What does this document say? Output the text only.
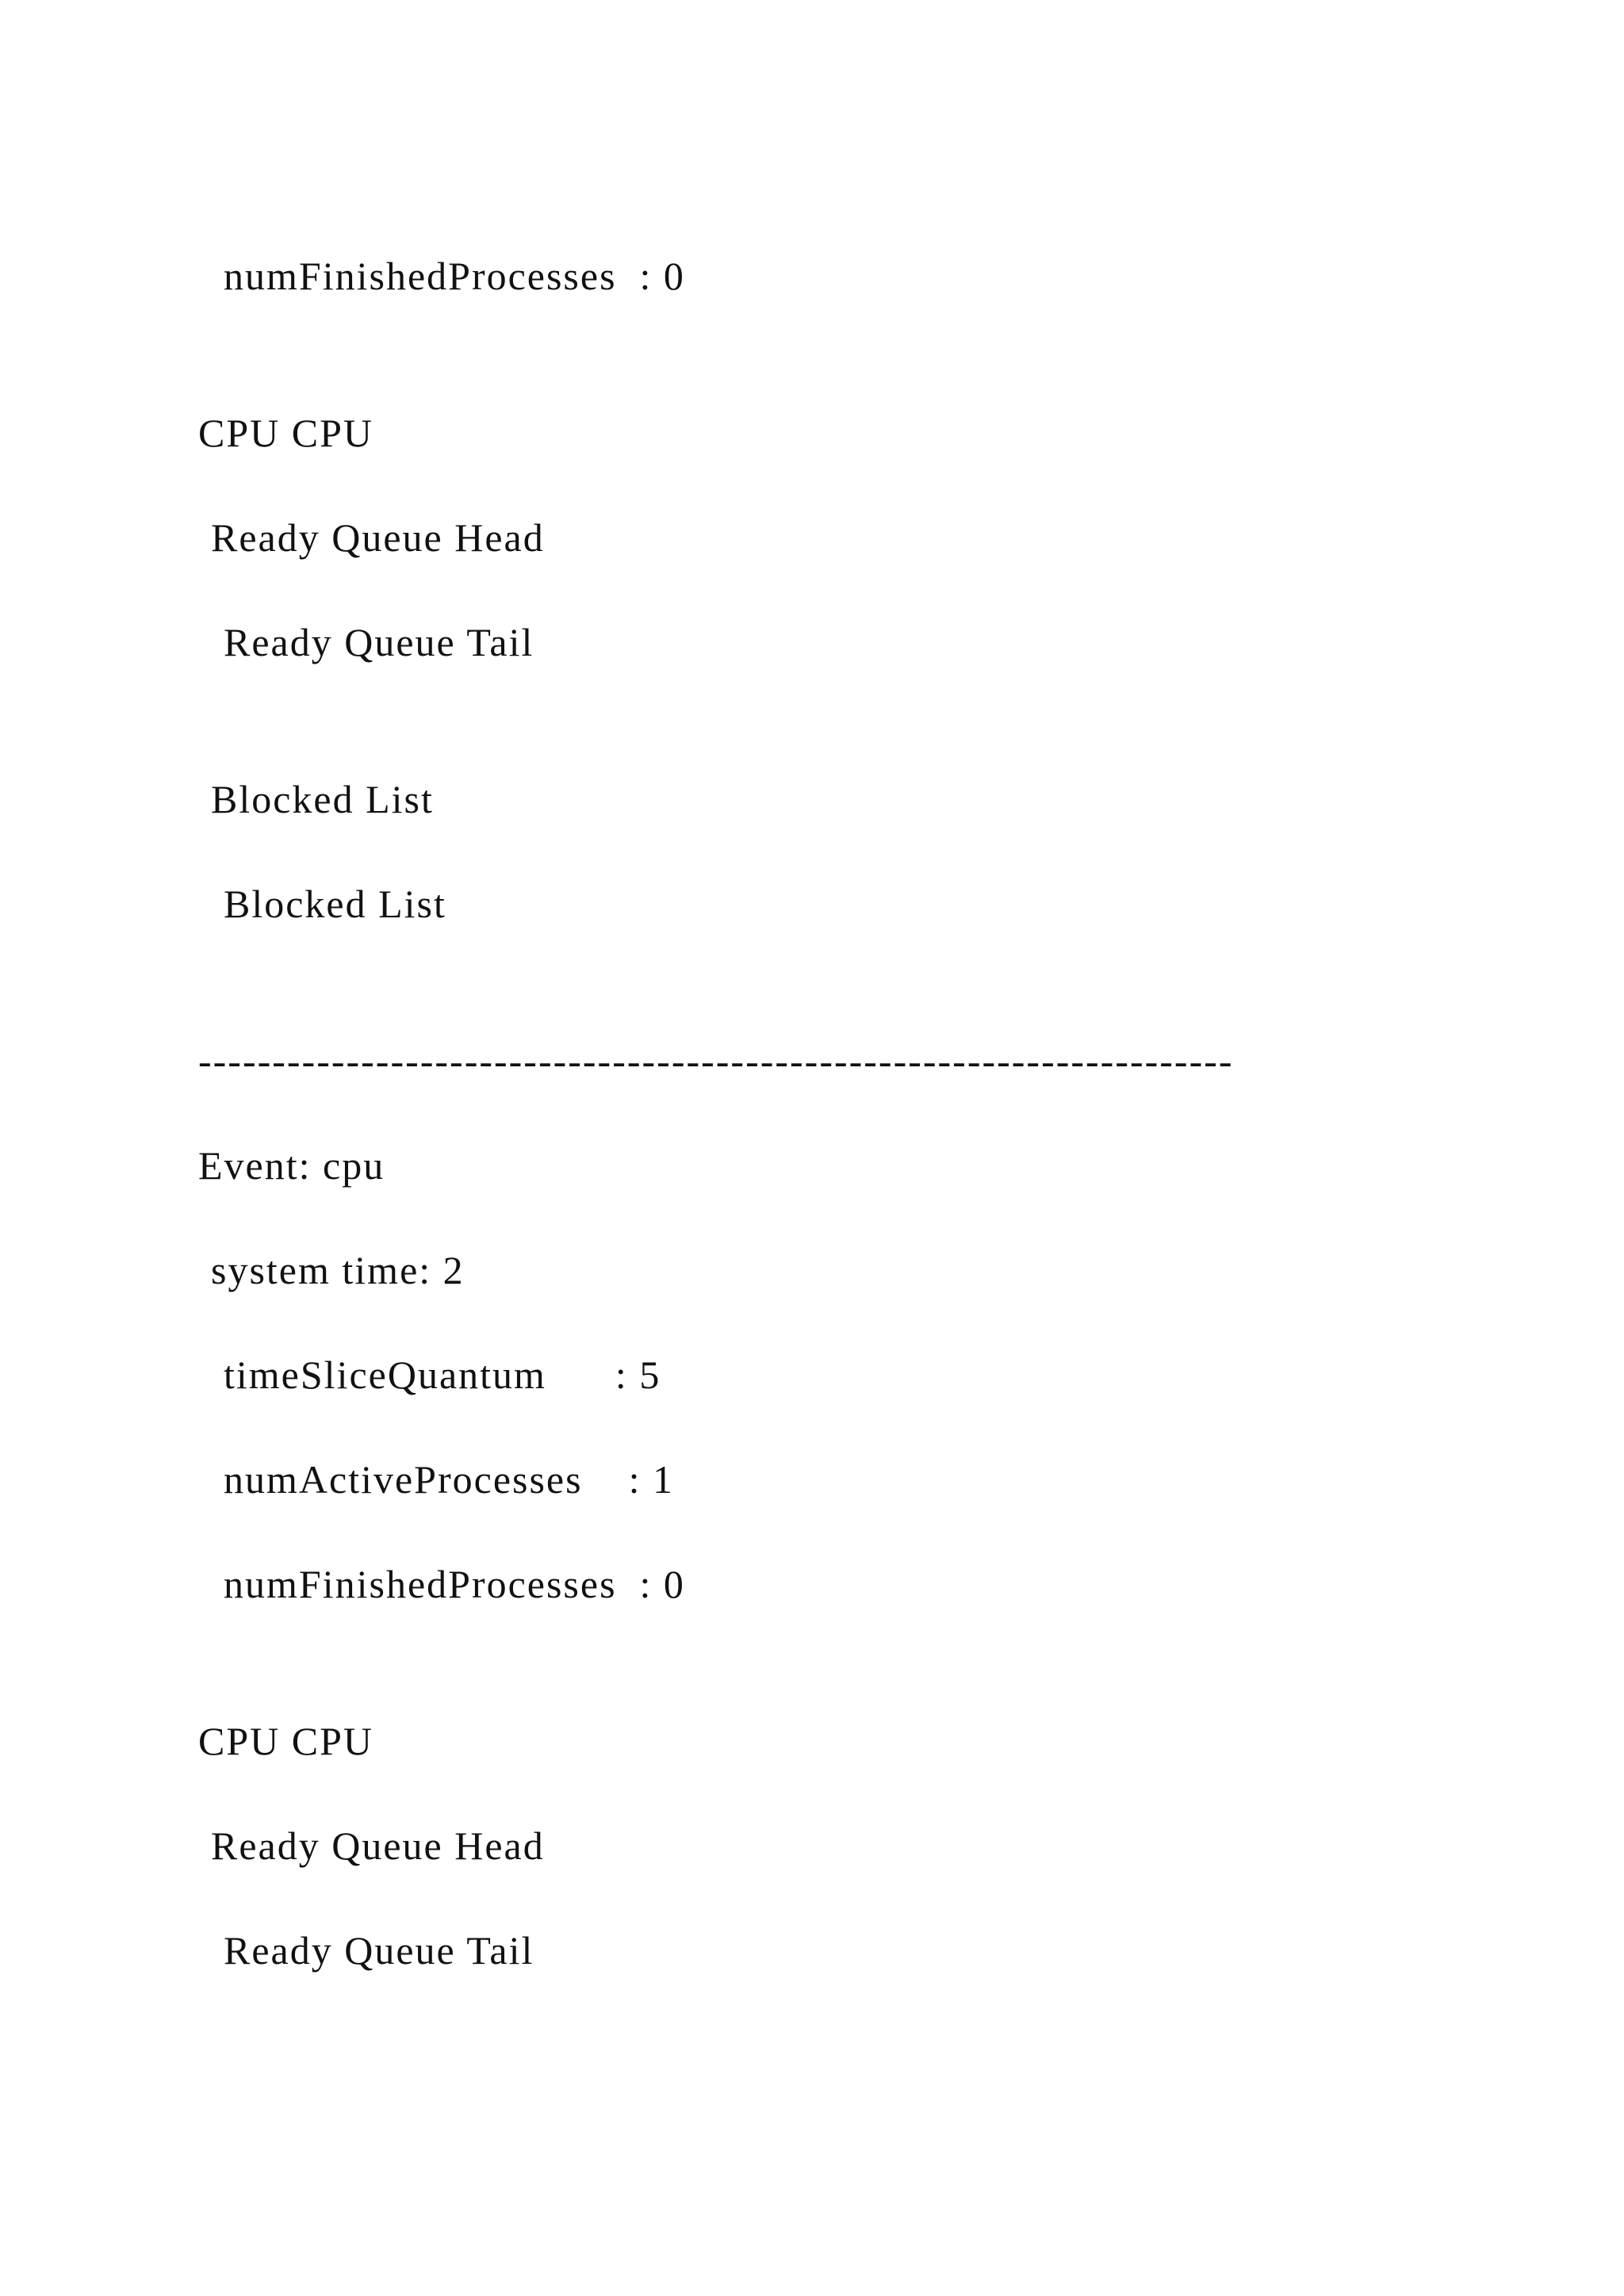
numFinishedProcesses  : 0
CPU CPU
Ready Queue Head
Ready Queue Tail
Blocked List
Blocked List
----------------------------------------------------------------------
Event: cpu
system time: 2
timeSliceQuantum      : 5
numActiveProcesses    : 1
numFinishedProcesses  : 0
CPU CPU
Ready Queue Head
Ready Queue Tail
